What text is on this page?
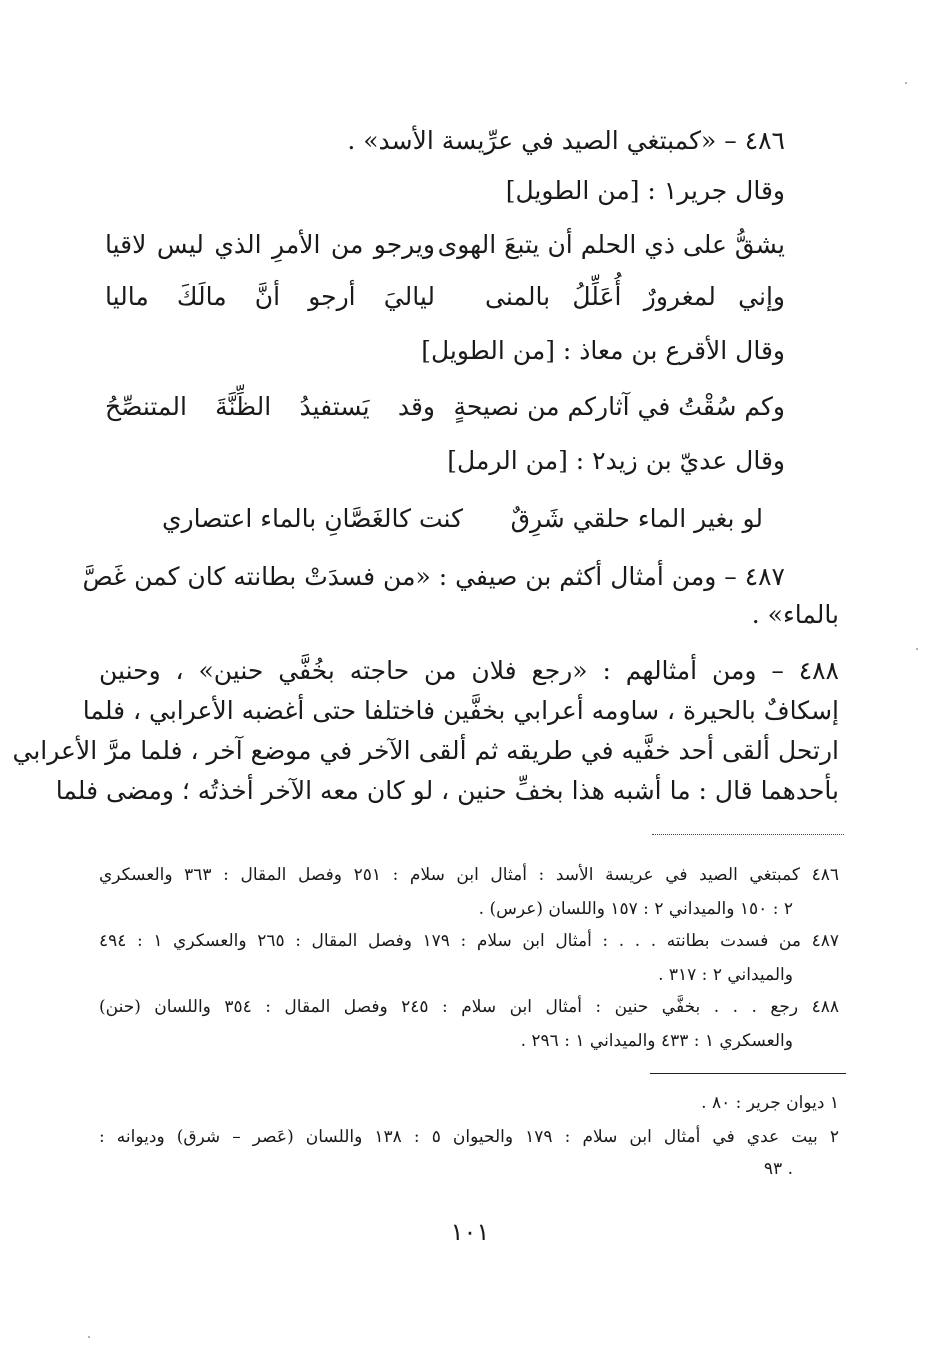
٤٨٦ – «كمبتغي الصيد في عرِّيسة الأسد» .
وقال جرير١ : [من الطويل]
يشقُّ على ذي الحلم أن يتبعَ الهوى
ويرجو من الأمرِ الذي ليس لاقيا
وإني لمغرورٌ أُعَلِّلُ بالمنى
لياليَ أرجو أنَّ مالَكَ ماليا
وقال الأقرع بن معاذ : [من الطويل]
وكم سُقْتُ في آثاركم من نصيحةٍ
وقد يَستفيدُ الظِّنَّةَ المتنصِّحُ
وقال عديّ بن زيد٢ : [من الرمل]
لو بغير الماء حلقي شَرِقٌ
كنت كالغَصَّانِ بالماء اعتصاري
٤٨٧ – ومن أمثال أكثم بن صيفي : «من فسدَتْ بطانته كان كمن غَصَّ
بالماء» .
٤٨٨ – ومن أمثالهم : «رجع فلان من حاجته بخُفَّي حنين» ، وحنين
إسكافٌ بالحيرة ، ساومه أعرابي بخفَّين فاختلفا حتى أغضبه الأعرابي ، فلما
ارتحل ألقى أحد خفَّيه في طريقه ثم ألقى الآخر في موضع آخر ، فلما مرَّ الأعرابي
بأحدهما قال : ما أشبه هذا بخفِّ حنين ، لو كان معه الآخر أخذتُه ؛ ومضى فلما
٤٨٦ كمبتغي الصيد في عريسة الأسد : أمثال ابن سلام : ٢٥١ وفصل المقال : ٣٦٣ والعسكري
٢ : ١٥٠ والميداني ٢ : ١٥٧ واللسان (عرس) .
٤٨٧ من فسدت بطانته . . . : أمثال ابن سلام : ١٧٩ وفصل المقال : ٢٦٥ والعسكري ١ : ٤٩٤
والميداني ٢ : ٣١٧ .
٤٨٨ رجع . . . بخفَّي حنين : أمثال ابن سلام : ٢٤٥ وفصل المقال : ٣٥٤ واللسان (حنن)
والعسكري ١ : ٤٣٣ والميداني ١ : ٢٩٦ .
١ ديوان جرير : ٨٠ .
٢ بيت عدي في أمثال ابن سلام : ١٧٩ والحيوان ٥ : ١٣٨ واللسان (عَصر – شرق) وديوانه :
. ٩٣
١٠١
